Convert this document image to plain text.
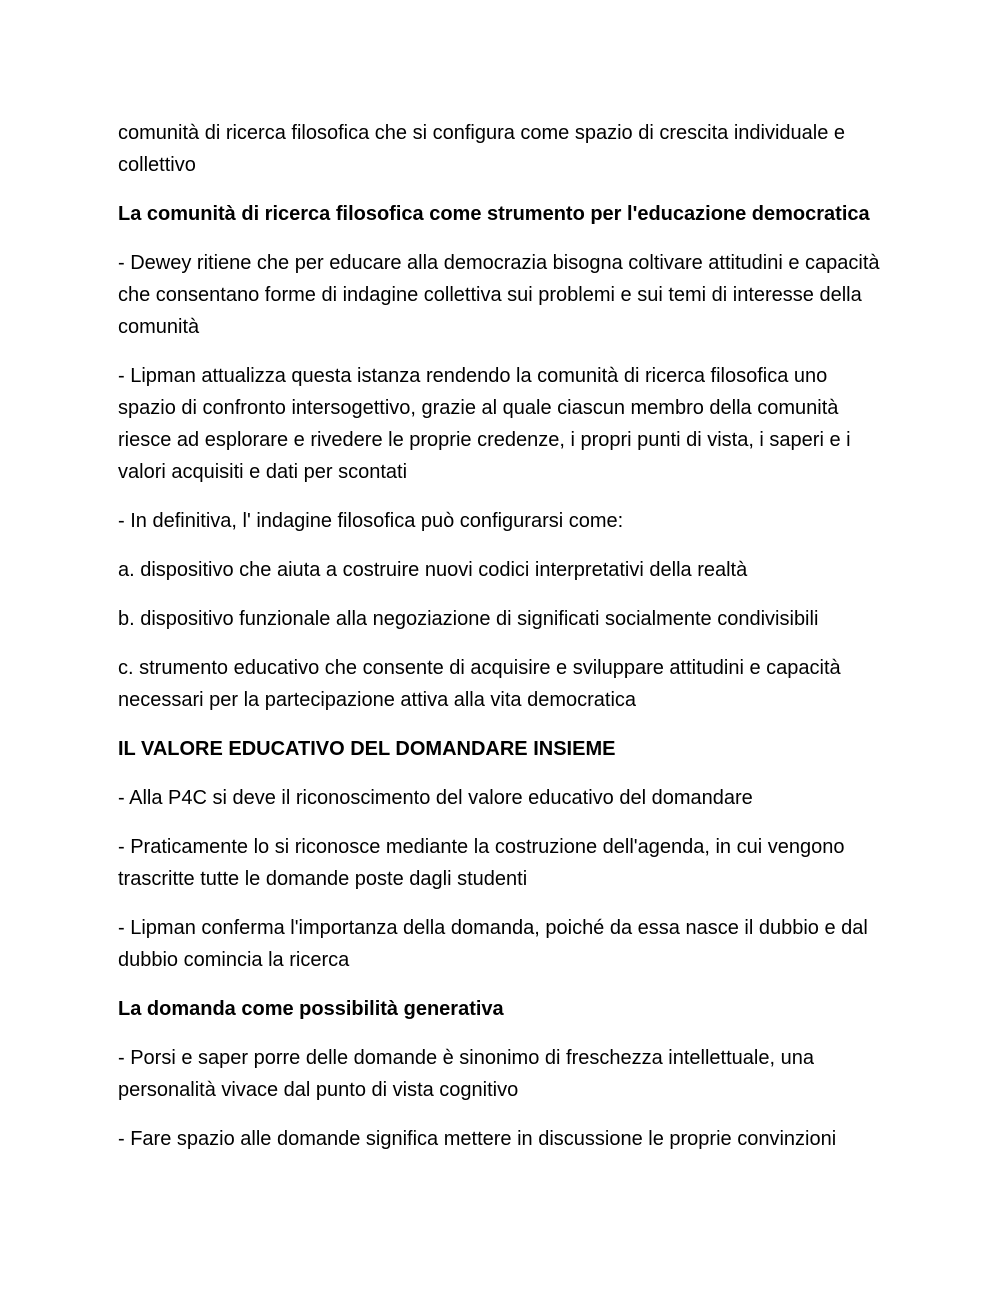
comunità di ricerca filosofica che si configura come spazio di crescita individuale e collettivo

La comunità di ricerca filosofica come strumento per l'educazione democratica

- Dewey ritiene che per educare alla democrazia bisogna coltivare attitudini e capacità che consentano forme di indagine collettiva sui problemi e sui temi di interesse della comunità

- Lipman attualizza questa istanza rendendo la comunità di ricerca filosofica uno spazio di confronto intersogettivo, grazie al quale ciascun membro della comunità riesce ad esplorare e rivedere le proprie credenze, i propri punti di vista, i saperi e i valori acquisiti e dati per scontati

- In definitiva, l' indagine filosofica può configurarsi come:

a. dispositivo che aiuta a costruire nuovi codici interpretativi della realtà

b. dispositivo funzionale alla negoziazione di significati socialmente condivisibili

c. strumento educativo che consente di acquisire e sviluppare attitudini e capacità necessari per la partecipazione attiva alla vita democratica

IL VALORE EDUCATIVO DEL DOMANDARE INSIEME

- Alla P4C si deve il riconoscimento del valore educativo del domandare

- Praticamente lo si riconosce mediante la costruzione dell'agenda, in cui vengono trascritte tutte le domande poste dagli studenti

- Lipman conferma l'importanza della domanda, poiché da essa nasce il dubbio e dal dubbio comincia la ricerca

La domanda come possibilità generativa

- Porsi e saper porre delle domande è sinonimo di freschezza intellettuale, una personalità vivace dal punto di vista cognitivo

- Fare spazio alle domande significa mettere in discussione le proprie convinzioni
